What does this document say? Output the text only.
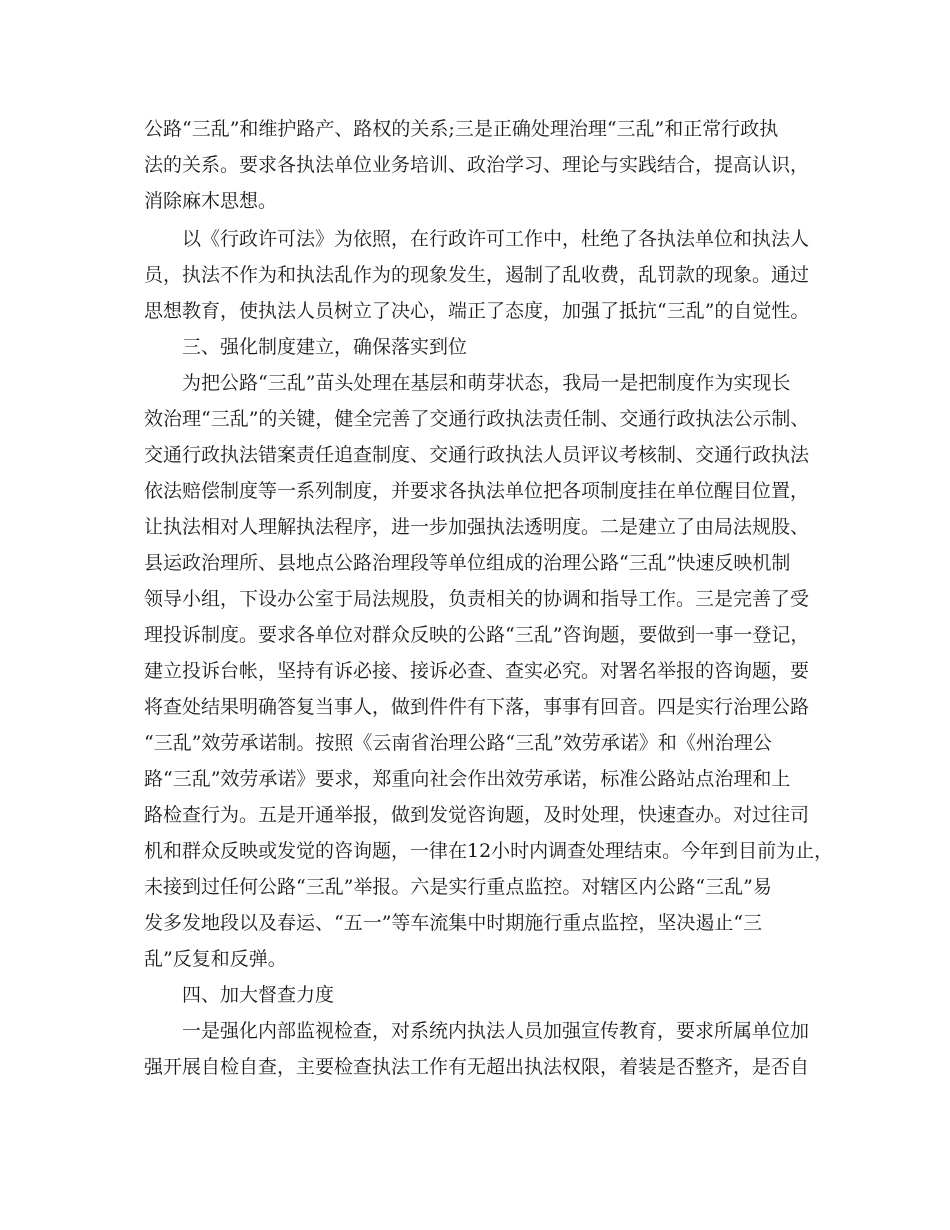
公路“三乱”和维护路产、路权的关系;三是正确处理治理“三乱”和正常行政执
法的关系。要求各执法单位业务培训、政治学习、理论与实践结合，提高认识，
消除麻木思想。
以《行政许可法》为依照，在行政许可工作中，杜绝了各执法单位和执法人
员，执法不作为和执法乱作为的现象发生，遏制了乱收费，乱罚款的现象。通过
思想教育，使执法人员树立了决心，端正了态度，加强了抵抗“三乱”的自觉性。
三、强化制度建立，确保落实到位
为把公路“三乱”苗头处理在基层和萌芽状态，我局一是把制度作为实现长
效治理“三乱”的关键，健全完善了交通行政执法责任制、交通行政执法公示制、
交通行政执法错案责任追查制度、交通行政执法人员评议考核制、交通行政执法
依法赔偿制度等一系列制度，并要求各执法单位把各项制度挂在单位醒目位置，
让执法相对人理解执法程序，进一步加强执法透明度。二是建立了由局法规股、
县运政治理所、县地点公路治理段等单位组成的治理公路“三乱”快速反映机制
领导小组，下设办公室于局法规股，负责相关的协调和指导工作。三是完善了受
理投诉制度。要求各单位对群众反映的公路“三乱”咨询题，要做到一事一登记，
建立投诉台帐，坚持有诉必接、接诉必查、查实必究。对署名举报的咨询题，要
将查处结果明确答复当事人，做到件件有下落，事事有回音。四是实行治理公路
“三乱”效劳承诺制。按照《云南省治理公路“三乱”效劳承诺》和《州治理公
路“三乱”效劳承诺》要求，郑重向社会作出效劳承诺，标准公路站点治理和上
路检查行为。五是开通举报，做到发觉咨询题，及时处理，快速查办。对过往司
机和群众反映或发觉的咨询题，一律在12小时内调查处理结束。今年到目前为止，
未接到过任何公路“三乱”举报。六是实行重点监控。对辖区内公路“三乱”易
发多发地段以及春运、“五一”等车流集中时期施行重点监控，坚决遏止“三
乱”反复和反弹。
四、加大督查力度
一是强化内部监视检查，对系统内执法人员加强宣传教育，要求所属单位加
强开展自检自查，主要检查执法工作有无超出执法权限，着装是否整齐，是否自
